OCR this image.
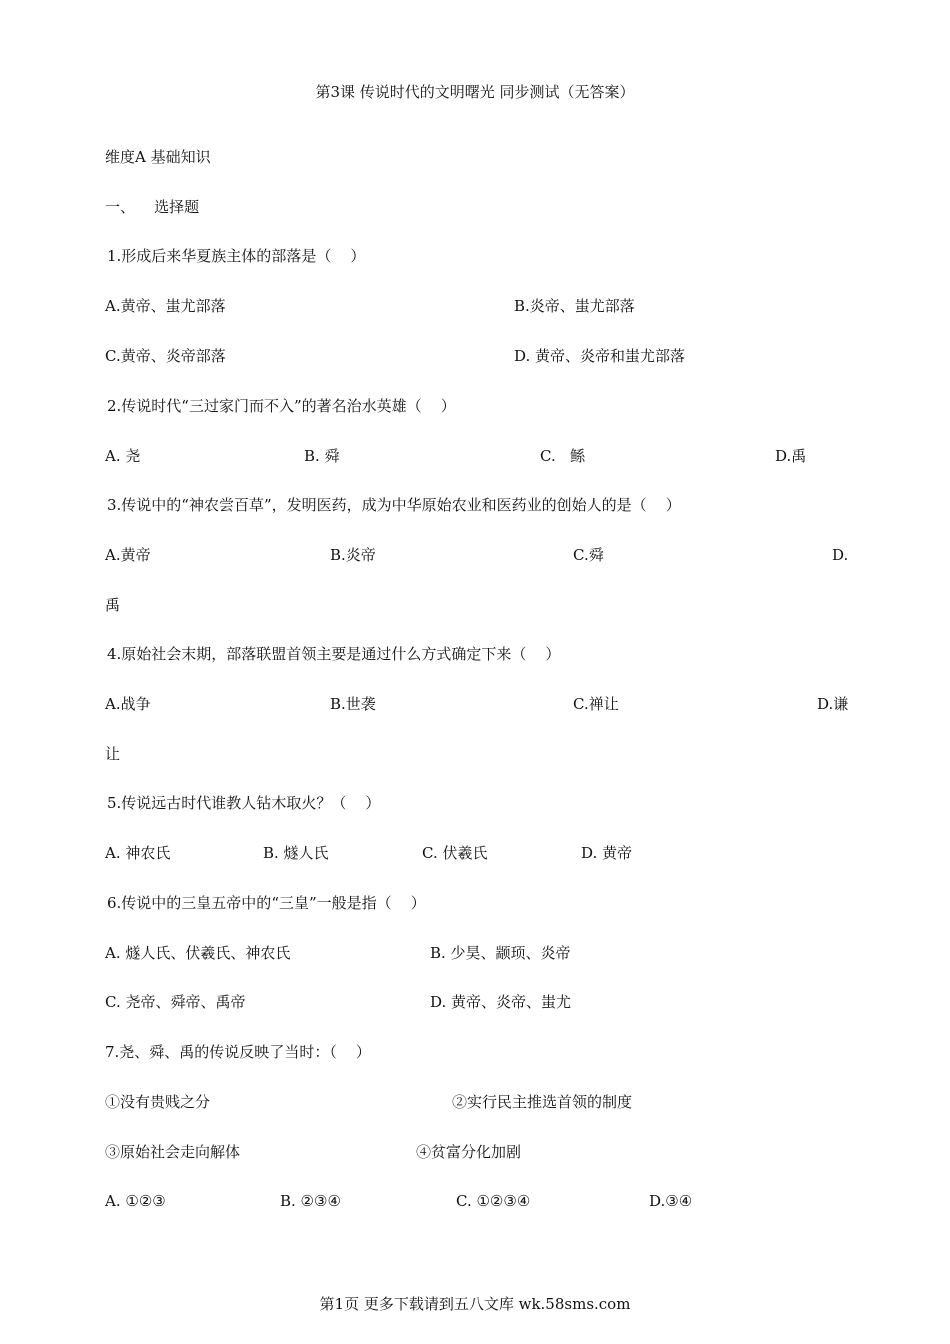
第3课 传说时代的文明曙光 同步测试（无答案）
维度A 基础知识
一、    选择题
1.形成后来华夏族主体的部落是（    ）
A.黄帝、蚩尤部落	B.炎帝、蚩尤部落
C.黄帝、炎帝部落	D. 黄帝、炎帝和蚩尤部落
2.传说时代“三过家门而不入”的著名治水英雄（    ）
A. 尧	B. 舜	C.   鲧	D.禹
3.传说中的“神农尝百草”，发明医药，成为中华原始农业和医药业的创始人的是（    ）
A.黄帝	B.炎帝	C.舜	D.
禹
4.原始社会末期，部落联盟首领主要是通过什么方式确定下来（    ）
A.战争	B.世袭	C.禅让	D.谦
让
5.传说远古时代谁教人钻木取火？（    ）
A. 神农氏	B. 燧人氏	C. 伏羲氏	D. 黄帝
6.传说中的三皇五帝中的“三皇”一般是指（    ）
A. 燧人氏、伏羲氏、神农氏	B. 少昊、颛顼、炎帝
C. 尧帝、舜帝、禹帝	D. 黄帝、炎帝、蚩尤
7.尧、舜、禹的传说反映了当时：（    ）
①没有贵贱之分	②实行民主推选首领的制度
③原始社会走向解体	④贫富分化加剧
A. ①②③	B. ②③④	C. ①②③④	D.③④
第1页 更多下载请到五八文库 wk.58sms.com
